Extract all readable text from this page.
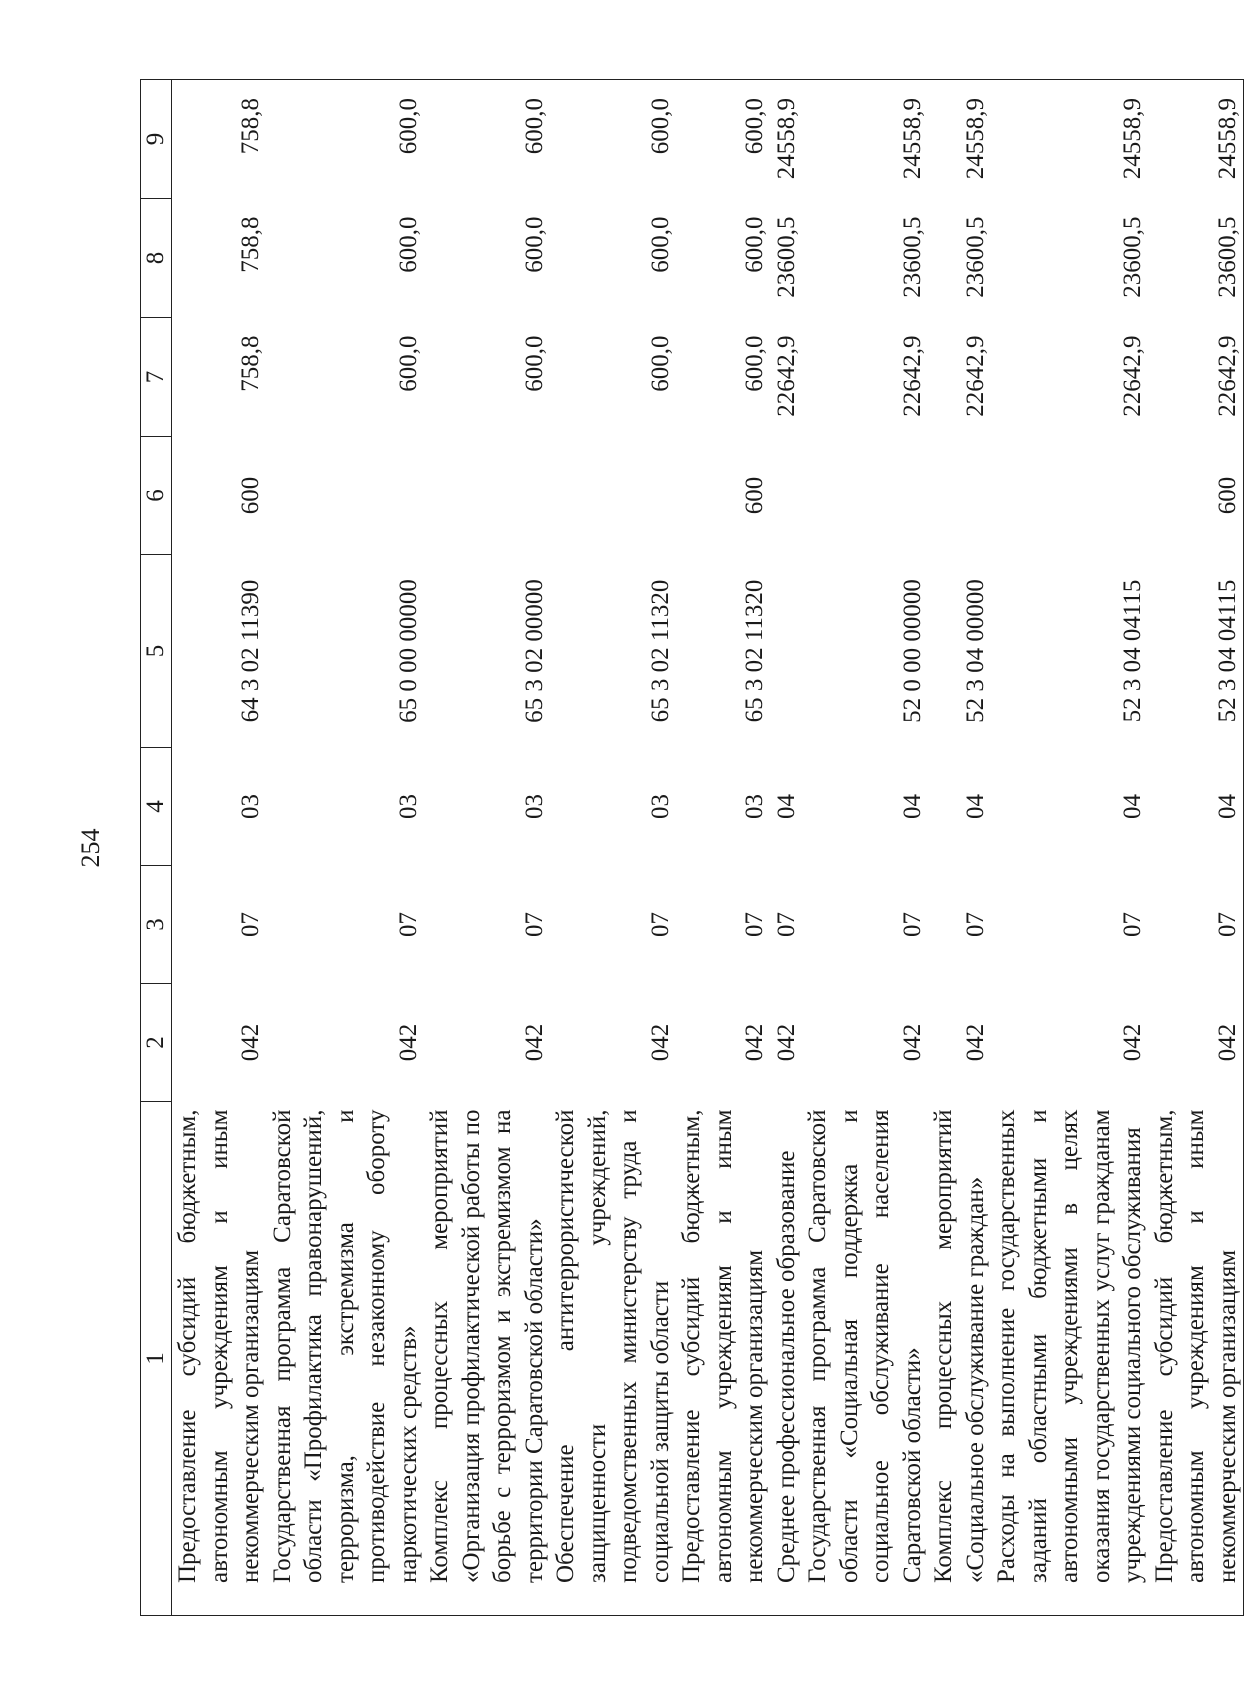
254
1	2	3	4	5	6	7	8	9
Предоставление субсидий бюджетным, автономным учреждениям и иным некоммерческим организациям	042	07	03	64 3 02 11390	600	758,8	758,8	758,8
Государственная программа Саратовской области «Профилактика правонарушений, терроризма, экстремизма и противодействие незаконному обороту наркотических средств»	042	07	03	65 0 00 00000		600,0	600,0	600,0
Комплекс процессных мероприятий «Организация профилактической работы по борьбе с терроризмом и экстремизмом на территории Саратовской области»	042	07	03	65 3 02 00000		600,0	600,0	600,0
Обеспечение антитеррористической защищенности учреждений, подведомственных министерству труда и социальной защиты области	042	07	03	65 3 02 11320		600,0	600,0	600,0
Предоставление субсидий бюджетным, автономным учреждениям и иным некоммерческим организациям	042	07	03	65 3 02 11320	600	600,0	600,0	600,0
Среднее профессиональное образование	042	07	04			22642,9	23600,5	24558,9
Государственная программа Саратовской области «Социальная поддержка и социальное обслуживание населения Саратовской области»	042	07	04	52 0 00 00000		22642,9	23600,5	24558,9
Комплекс процессных мероприятий «Социальное обслуживание граждан»	042	07	04	52 3 04 00000		22642,9	23600,5	24558,9
Расходы на выполнение государственных заданий областными бюджетными и автономными учреждениями в целях оказания государственных услуг гражданам учреждениями социального обслуживания	042	07	04	52 3 04 04115		22642,9	23600,5	24558,9
Предоставление субсидий бюджетным, автономным учреждениям и иным некоммерческим организациям	042	07	04	52 3 04 04115	600	22642,9	23600,5	24558,9
